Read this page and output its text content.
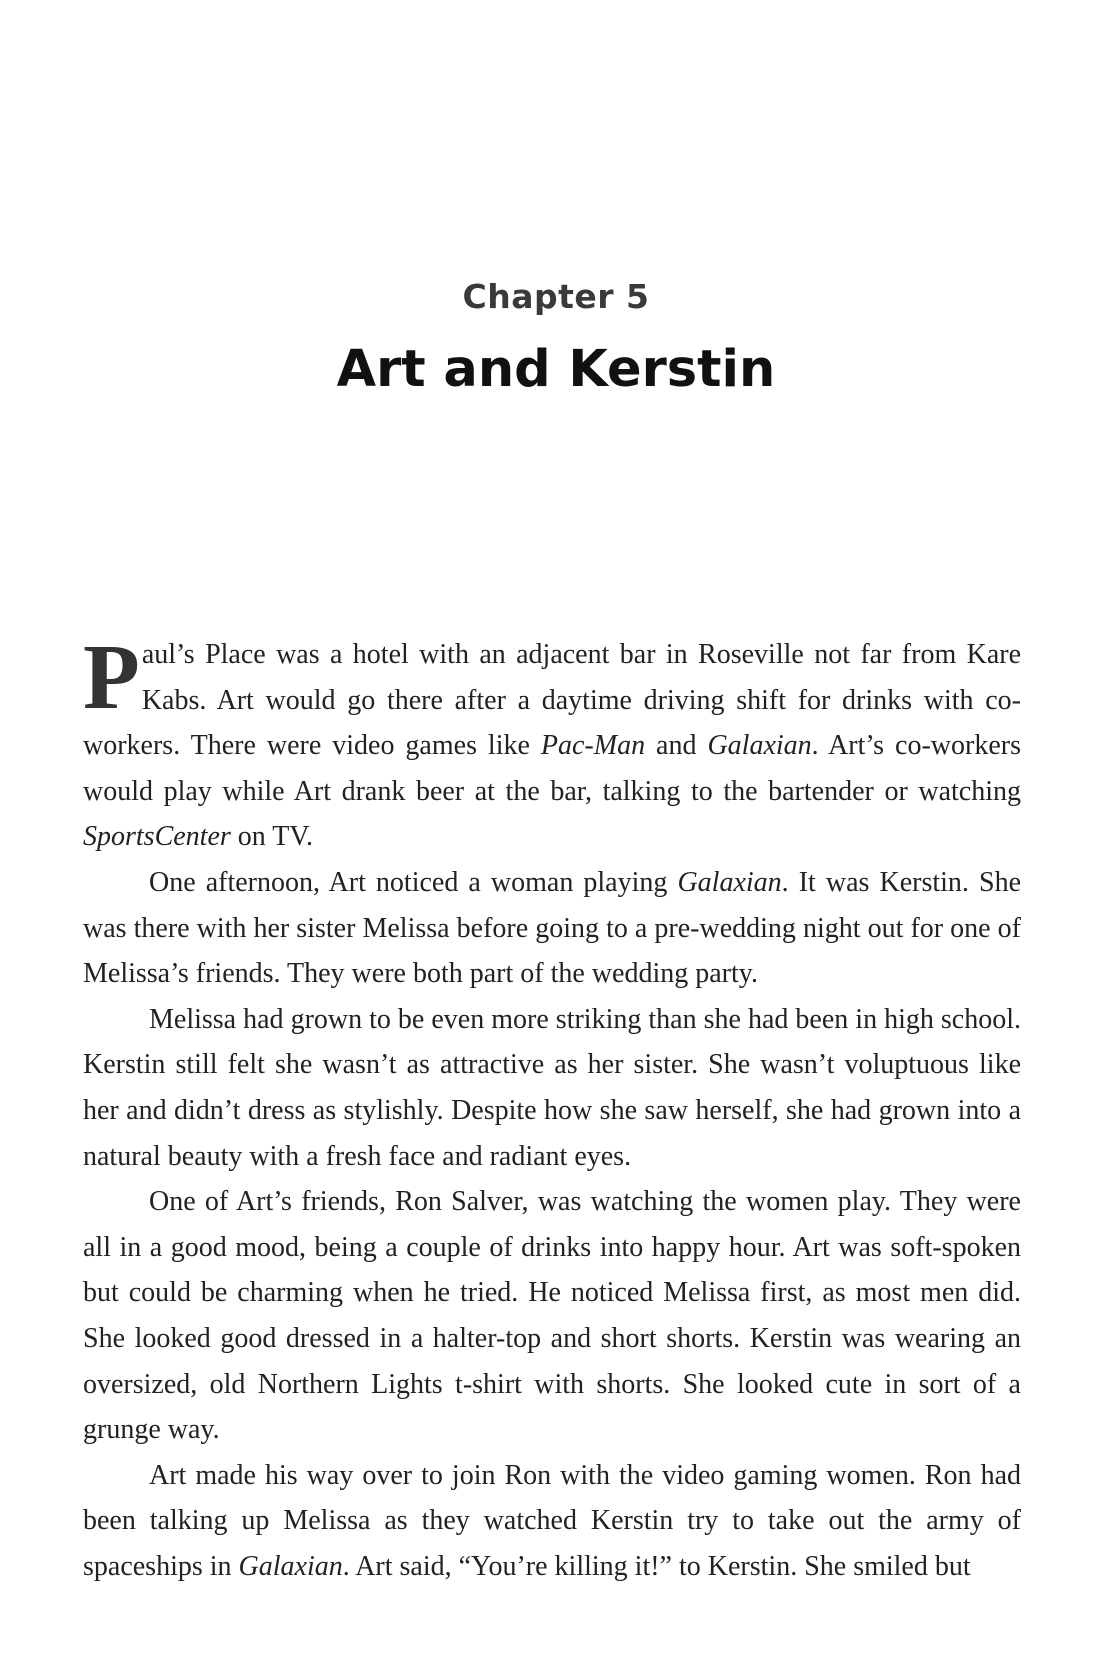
Chapter 5
Art and Kerstin

Paul’s Place was a hotel with an adjacent bar in Roseville not far from Kare Kabs. Art would go there after a daytime driving shift for drinks with co-workers. There were video games like Pac-Man and Galaxian. Art’s co-workers would play while Art drank beer at the bar, talking to the bartender or watching SportsCenter on TV.

One afternoon, Art noticed a woman playing Galaxian. It was Kerstin. She was there with her sister Melissa before going to a pre-wedding night out for one of Melissa’s friends. They were both part of the wedding party.

Melissa had grown to be even more striking than she had been in high school. Kerstin still felt she wasn’t as attractive as her sister. She wasn’t voluptuous like her and didn’t dress as stylishly. Despite how she saw herself, she had grown into a natural beauty with a fresh face and radiant eyes.

One of Art’s friends, Ron Salver, was watching the women play. They were all in a good mood, being a couple of drinks into happy hour. Art was soft-spoken but could be charming when he tried. He noticed Melissa first, as most men did. She looked good dressed in a halter-top and short shorts. Kerstin was wearing an oversized, old Northern Lights t-shirt with shorts. She looked cute in sort of a grunge way.

Art made his way over to join Ron with the video gaming women. Ron had been talking up Melissa as they watched Kerstin try to take out the army of spaceships in Galaxian. Art said, “You’re killing it!” to Kerstin. She smiled but
